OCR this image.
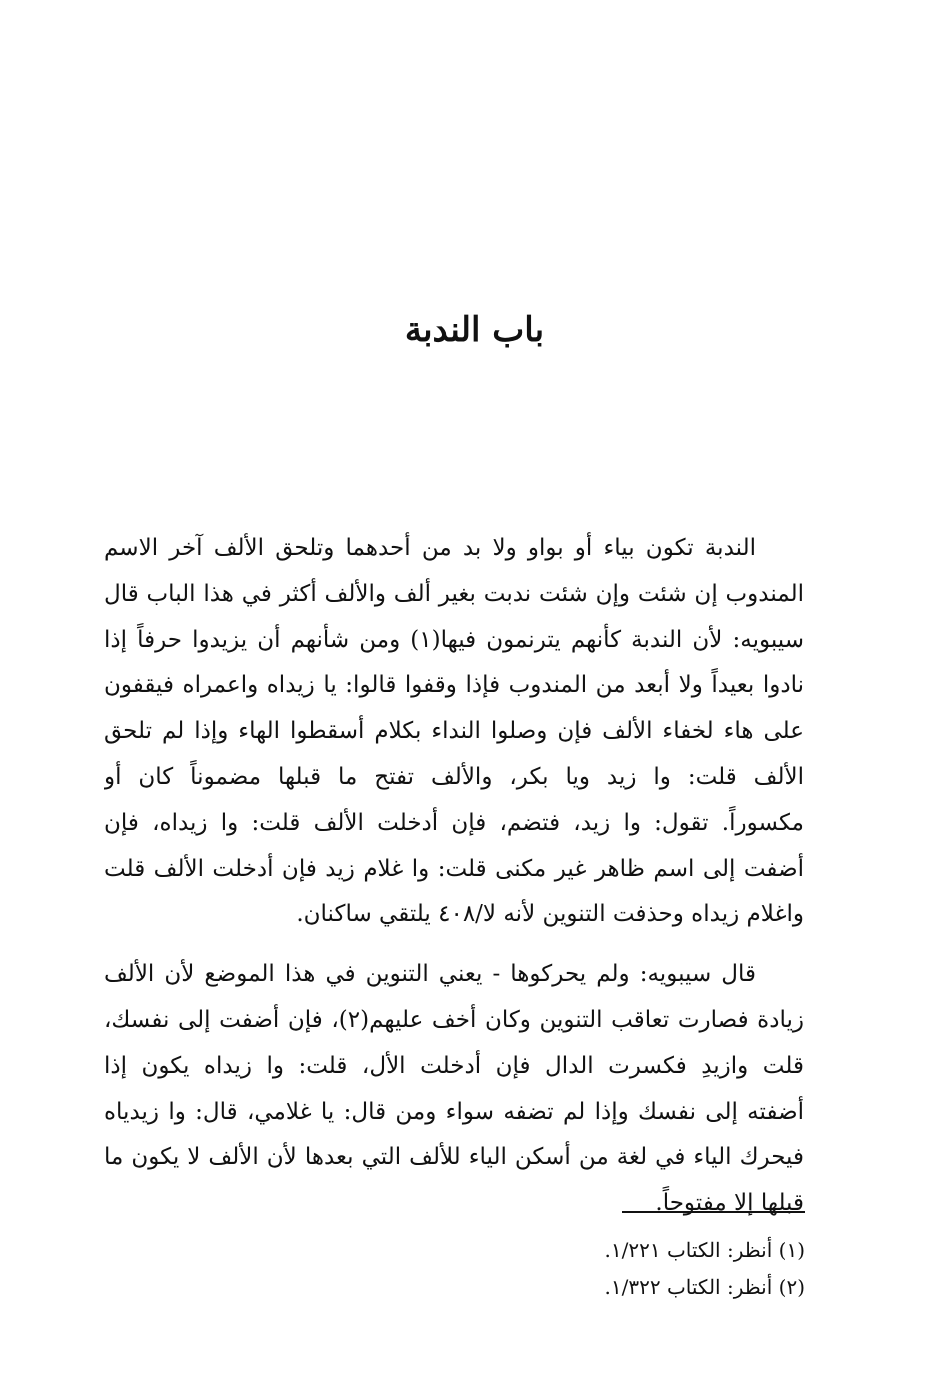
باب الندبة

الندبة تكون بياء أو بواو ولا بد من أحدهما وتلحق الألف آخر الاسم
المندوب إن شئت وإن شئت ندبت بغير ألف والألف أكثر في هذا الباب قال
سيبويه: لأن الندبة كأنهم يترنمون فيها(١) ومن شأنهم أن يزيدوا حرفاً إذا
نادوا بعيداً ولا أبعد من المندوب فإذا وقفوا قالوا: يا زيداه واعمراه فيقفون
على هاء لخفاء الألف فإن وصلوا النداء بكلام أسقطوا الهاء وإذا لم تلحق
الألف قلت: وا زيد ويا بكر، والألف تفتح ما قبلها مضموناً كان أو
مكسوراً. تقول: وا زيد، فتضم، فإن أدخلت الألف قلت: وا زيداه، فإن
أضفت إلى اسم ظاهر غير مكنى قلت: وا غلام زيد فإن أدخلت الألف قلت
واغلام زيداه وحذفت التنوين لأنه لا/٤٠٨ يلتقي ساكنان.

قال سيبويه: ولم يحركوها - يعني التنوين في هذا الموضع لأن الألف
زيادة فصارت تعاقب التنوين وكان أخف عليهم(٢)، فإن أضفت إلى نفسك،
قلت وازيدِ فكسرت الدال فإن أدخلت الأل، قلت: وا زيداه يكون إذا
أضفته إلى نفسك وإذا لم تضفه سواء ومن قال: يا غلامي، قال: وا زيدياه
فيحرك الياء في لغة من أسكن الياء للألف التي بعدها لأن الألف لا يكون ما
قبلها إلا مفتوحاً.

(١) أنظر: الكتاب ١/٢٢١.
(٢) أنظر: الكتاب ١/٣٢٢.
